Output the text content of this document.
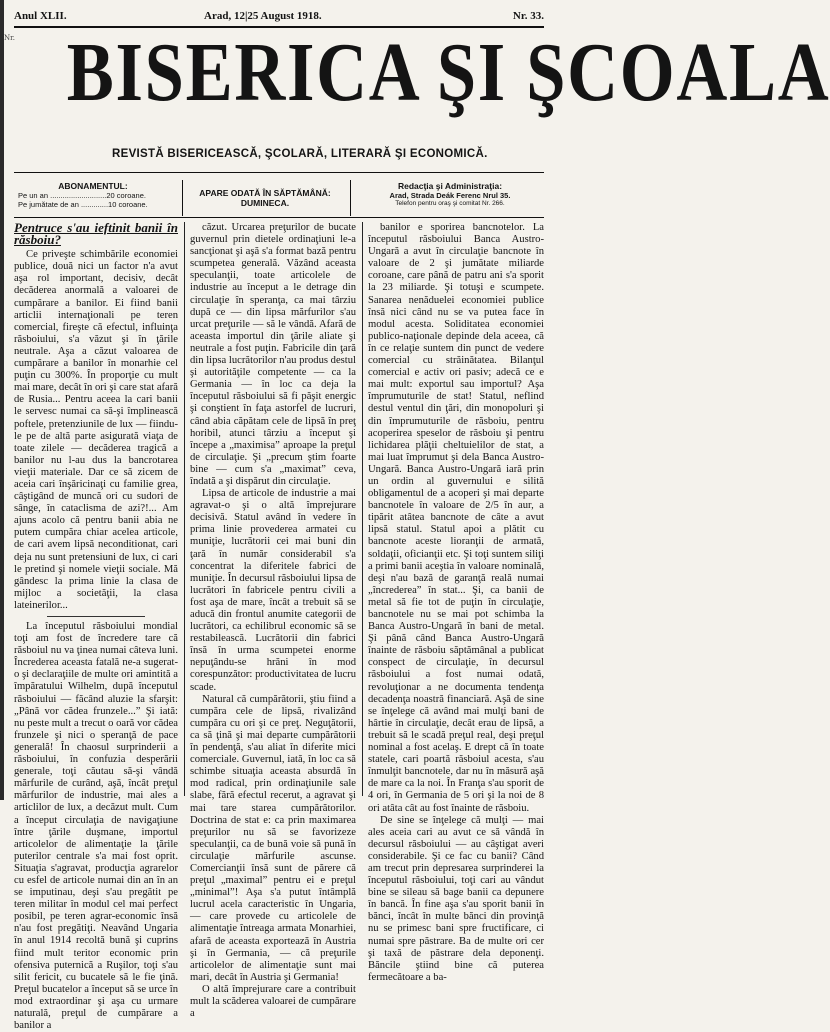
Nr.
Anul XLII.	Arad, 12|25 August 1918.	Nr. 33.
BISERICA ŞI ŞCOALA
REVISTĂ BISERICEASCĂ, ŞCOLARĂ, LITERARĂ ŞI ECONOMICĂ.
ABONAMENTUL:
Pe un an ...........................20 coroane.
Pe jumătate de an .............10 coroane.
APARE ODATĂ ÎN SĂPTĂMÂNĂ:
DUMINECA.
Redacţia şi Administraţia:
Arad, Strada Deák Ferenc Nrul 35.
Telefon pentru oraş şi comitat Nr. 266.

Pentruce s'au ieftinit banii în răsboiu?

Ce priveşte schimbările economiei publice, două nici un factor n'a avut aşa rol important, decisiv, decât decăderea anormală a valoarei de cumpărare a banilor. Ei fiind banii articlii internaţionali pe teren comercial, fireşte că efectul, influinţa răsboiului, s'a văzut şi în ţările neutrale. Aşa a căzut valoarea de cumpărare a banilor în monarhie cel puţin cu 300%. În proporţie cu mult mai mare, decât în ori şi care stat afară de Rusia... Pentru aceea la cari banii le servesc numai ca să-şi împlinească poftele, pretenziunile de lux — fiindu-le pe de altă parte asigurată viaţa de toate zilele — decăderea tragică a banilor nu l-au dus la bancrotarea vieţii materiale. Dar ce să zicem de aceia cari înşăricinaţi cu familie grea, câştigând de muncă ori cu sudori de sânge, în cataclisma de azi?!... Am ajuns acolo că pentru banii abia ne putem cumpăra chiar acelea articole, de cari avem lipsă neconditionat, cari deja nu sunt pretensiuni de lux, ci cari le pretind şi nomele vieţii sociale. Mă gândesc la prima linie la clasa de mijloc a societăţii, la clasa lateinerilor...

La începutul răsboiului mondial toţi am fost de încredere tare că răsboiul nu va ţinea numai câteva luni. Încrederea aceasta fatală ne-a sugerat-o şi declaraţiile de multe ori amintită a împăratului Wilhelm, după începutul răsboiului — făcând aluzie la sfarşit: „Până vor cădea frunzele...” Şi iată: nu peste mult a trecut o oară vor cădea frunzele şi nici o speranţă de pace generală! În chaosul surprinderii a răsboiului, în confuzia desperării generale, toţi căutau să-şi vândă mărfurile de curând, aşă, încât preţul mărfurilor de industrie, mai ales a articlilor de lux, a decăzut mult. Cum a început circulaţia de navigaţiune între ţările duşmane, importul articolelor de alimentaţie la ţările puterilor centrale s'a mai fost oprit. Situaţia s'agravat, producţia agrarelor cu esfel de articole numai din an în an se imputinau, deşi s'au pregătit pe teren militar în modul cel mai perfect posibil, pe teren agrar-economic însă n'au fost pregătiţi. Neavând Ungaria în anul 1914 recoltă bună şi cuprins fiind mult teritor economic prin ofensiva puternică a Ruşilor, toţi s'au silit fericit, cu bucatele să le fie ţină. Preţul bucatelor a început să se urce în mod extraordinar şi aşa cu urmare naturală, preţul de cumpărare a banilor a

căzut. Urcarea preţurilor de bucate guvernul prin dietele ordinaţiuni le-a sancţionat şi aşă s'a format bază pentru scumpetea generală. Văzând aceasta speculanţii, toate articolele de industrie au început a le detrage din circulaţie în speranţa, ca mai târziu după ce — din lipsa mărfurilor s'au urcat preţurile — să le vândă. Afară de aceasta importul din ţările aliate şi neutrale a fost puţin. Fabricile din ţară din lipsa lucrătorilor n'au produs destul şi autorităţile competente — ca la Germania — în loc ca deja la începutul răsboiului să fi păşit energic şi conştient în faţa astorfel de lucruri, când abia căpătam cele de lipsă în preţ horibil, atunci târziu a început şi începe a „maximisa” aproape la preţul de circulaţie. Şi „precum ştim foarte bine — cum s'a „maximat” ceva, îndată a şi dispărut din circulaţie.

Lipsa de articole de industrie a mai agravat-o şi o altă împrejurare decisivă. Statul având în vedere în prima linie provederea armatei cu muniţie, lucrătorii cei mai buni din ţară în număr considerabil s'a concentrat la diferitele fabrici de muniţie. În decursul răsboiului lipsa de lucrători în fabricele pentru civili a fost aşa de mare, încât a trebuit să se aducă din frontul anumite categorii de lucrători, ca echilibrul economic să se restabilească. Lucrătorii din fabrici însă în urma scumpetei enorme nepuţându-se hrăni în mod corespunzător: productivitatea de lucru scade.

Natural că cumpărătorii, ştiu fiind a cumpăra cele de lipsă, rivalizând cumpăra cu ori şi ce preţ. Neguţătorii, ca să ţină şi mai departe cumpărătorii în pendenţă, s'au aliat în diferite mici comerciale. Guvernul, iată, în loc ca să schimbe situaţia aceasta absurdă în mod radical, prin ordinaţiunile sale slabe, fără efectul recerut, a agravat şi mai tare starea cumpărătorilor. Doctrina de stat e: ca prin maximarea preţurilor nu să se favorizeze speculanţii, ca de bună voie să pună în circulaţie mărfurile ascunse. Comercianţii însă sunt de părere că preţul „maximal” pentru ei e preţul „minimal”! Aşa s'a putut întâmplă lucrul acela caracteristic în Ungaria, — care provede cu articolele de alimentaţie întreaga armata Monarhiei, afară de aceasta exportează în Austria şi în Germania, — că preţurile articolelor de alimentaţie sunt mai mari, decât în Austria şi Germania!

O altă împrejurare care a contribuit mult la scăderea valoarei de cumpărare a

banilor e sporirea bancnotelor. La începutul răsboiului Banca Austro-Ungară a avut în circulaţie bancnote în valoare de 2 şi jumătate miliarde coroane, care până de patru ani s'a sporit la 23 miliarde. Şi totuşi e scumpete. Sanarea nenăduelei economiei publice însă nici când nu se va putea face în modul acesta. Soliditatea economiei publico-naţionale depinde dela aceea, că în ce relaţie suntem din punct de vedere comercial cu străinătatea. Bilanţul comercial e activ ori pasiv; adecă ce e mai mult: exportul sau importul? Aşa împrumuturile de stat! Statul, neflind destul ventul din ţări, din monopoluri şi din împrumuturile de răsboiu, pentru acoperirea speselor de răsboiu şi pentru lichidarea plăţii cheltuielilor de stat, a mai luat împrumut şi dela Banca Austro-Ungară. Banca Austro-Ungară iară prin un ordin al guvernului e silită obligamentul de a acoperi şi mai departe bancnotele în valoare de 2/5 în aur, a tipărit atâtea bancnote de câte a avut lipsă statul. Statul apoi a plătit cu bancnote aceste lioranţii de armată, soldaţii, oficianţii etc. Şi toţi suntem siliţi a primi banii aceştia în valoare nominală, deşi n'au bază de garanţă reală numai „încrederea” în stat... Şi, ca banii de metal să fie tot de puţin în circulaţie, bancnotele nu se mai pot schimba la Banca Austro-Ungară în bani de metal. Şi până când Banca Austro-Ungară înainte de răsboiu săptămânal a publicat conspect de circulaţie, în decursul răsboiului a fost numai odată, revoluţionar a ne documenta tendenţa decadenţa noastră financiară. Aşă de sine se înţelege că având mai mulţi bani de hârtie în circulaţie, decât erau de lipsă, a trebuit să le scadă preţul real, deşi preţul nominal a fost acelaş. E drept că în toate statele, cari poartă răsboiul acesta, s'au înmulţit bancnotele, dar nu în măsură aşă de mare ca la noi. În Franţa s'au sporit de 4 ori, în Germania de 5 ori şi la noi de 8 ori atâta cât au fost înainte de răsboiu.

De sine se înţelege că mulţi — mai ales aceia cari au avut ce să vândă în decursul răsboiului — au câştigat averi considerabile. Şi ce fac cu banii? Când am trecut prin depresarea surprinderei la începutul răsboiului, toţi cari au vândut bine se sileau să bage banii ca depunere în bancă. În fine aşa s'au sporit banii în bănci, încât în multe bănci din provinţă nu se primesc bani spre fructificare, ci numai spre păstrare. Ba de multe ori cer şi taxă de păstrare dela deponenţi. Băncile ştiind bine că puterea fermecătoare a ba-
